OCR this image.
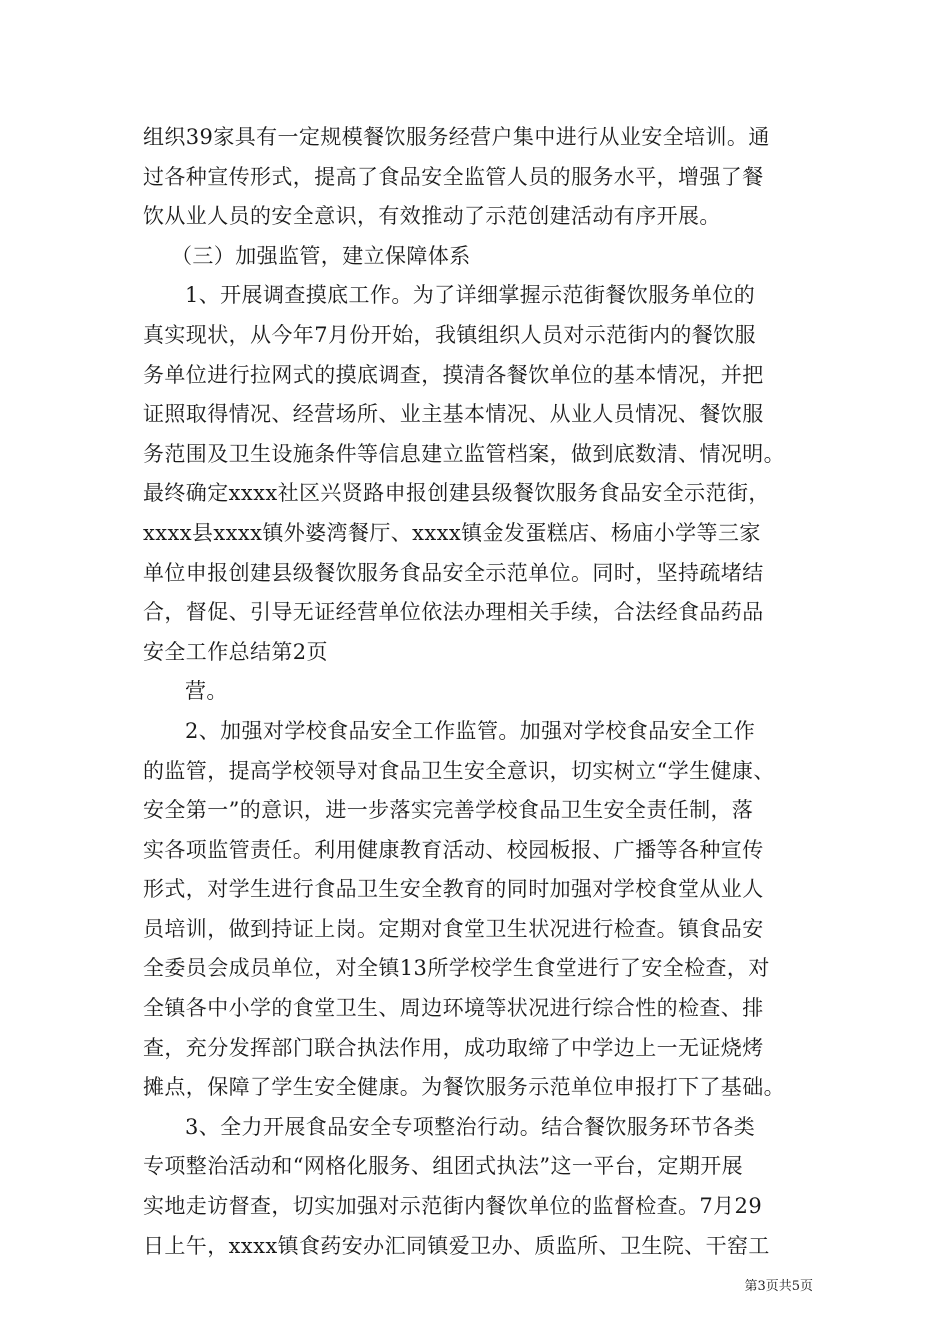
组织39家具有一定规模餐饮服务经营户集中进行从业安全培训。通
过各种宣传形式，提高了食品安全监管人员的服务水平，增强了餐
饮从业人员的安全意识，有效推动了示范创建活动有序开展。
（三）加强监管，建立保障体系
1、开展调查摸底工作。为了详细掌握示范街餐饮服务单位的
真实现状，从今年7月份开始，我镇组织人员对示范街内的餐饮服
务单位进行拉网式的摸底调查，摸清各餐饮单位的基本情况，并把
证照取得情况、经营场所、业主基本情况、从业人员情况、餐饮服
务范围及卫生设施条件等信息建立监管档案，做到底数清、情况明。
最终确定xxxx社区兴贤路申报创建县级餐饮服务食品安全示范街，
xxxx县xxxx镇外婆湾餐厅、xxxx镇金发蛋糕店、杨庙小学等三家
单位申报创建县级餐饮服务食品安全示范单位。同时，坚持疏堵结
合，督促、引导无证经营单位依法办理相关手续，合法经食品药品
安全工作总结第2页
营。
2、加强对学校食品安全工作监管。加强对学校食品安全工作
的监管，提高学校领导对食品卫生安全意识，切实树立“学生健康、
安全第一”的意识，进一步落实完善学校食品卫生安全责任制，落
实各项监管责任。利用健康教育活动、校园板报、广播等各种宣传
形式，对学生进行食品卫生安全教育的同时加强对学校食堂从业人
员培训，做到持证上岗。定期对食堂卫生状况进行检查。镇食品安
全委员会成员单位，对全镇13所学校学生食堂进行了安全检查，对
全镇各中小学的食堂卫生、周边环境等状况进行综合性的检查、排
查，充分发挥部门联合执法作用，成功取缔了中学边上一无证烧烤
摊点，保障了学生安全健康。为餐饮服务示范单位申报打下了基础。
3、全力开展食品安全专项整治行动。结合餐饮服务环节各类
专项整治活动和“网格化服务、组团式执法”这一平台，定期开展
实地走访督查，切实加强对示范街内餐饮单位的监督检查。7月29
日上午，xxxx镇食药安办汇同镇爱卫办、质监所、卫生院、干窑工
第3页共5页
